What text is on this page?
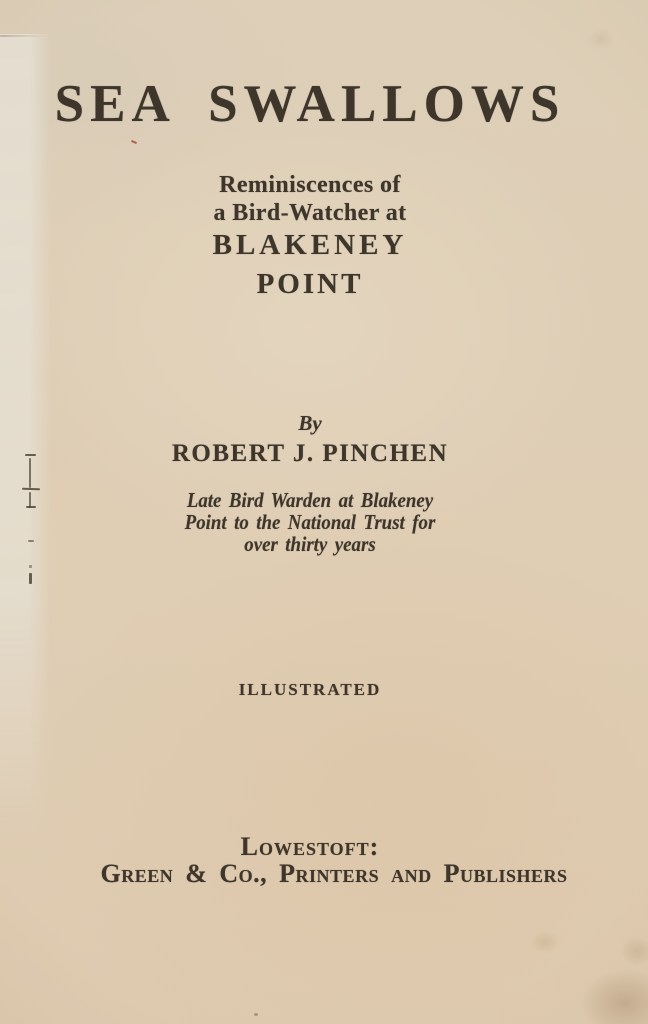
SEA SWALLOWS
Reminiscences of
a Bird-Watcher at
BLAKENEY
POINT
By
ROBERT J. PINCHEN
Late Bird Warden at Blakeney
Point to the National Trust for
over thirty years
ILLUSTRATED
Lowestoft:
Green & Co., Printers and Publishers
